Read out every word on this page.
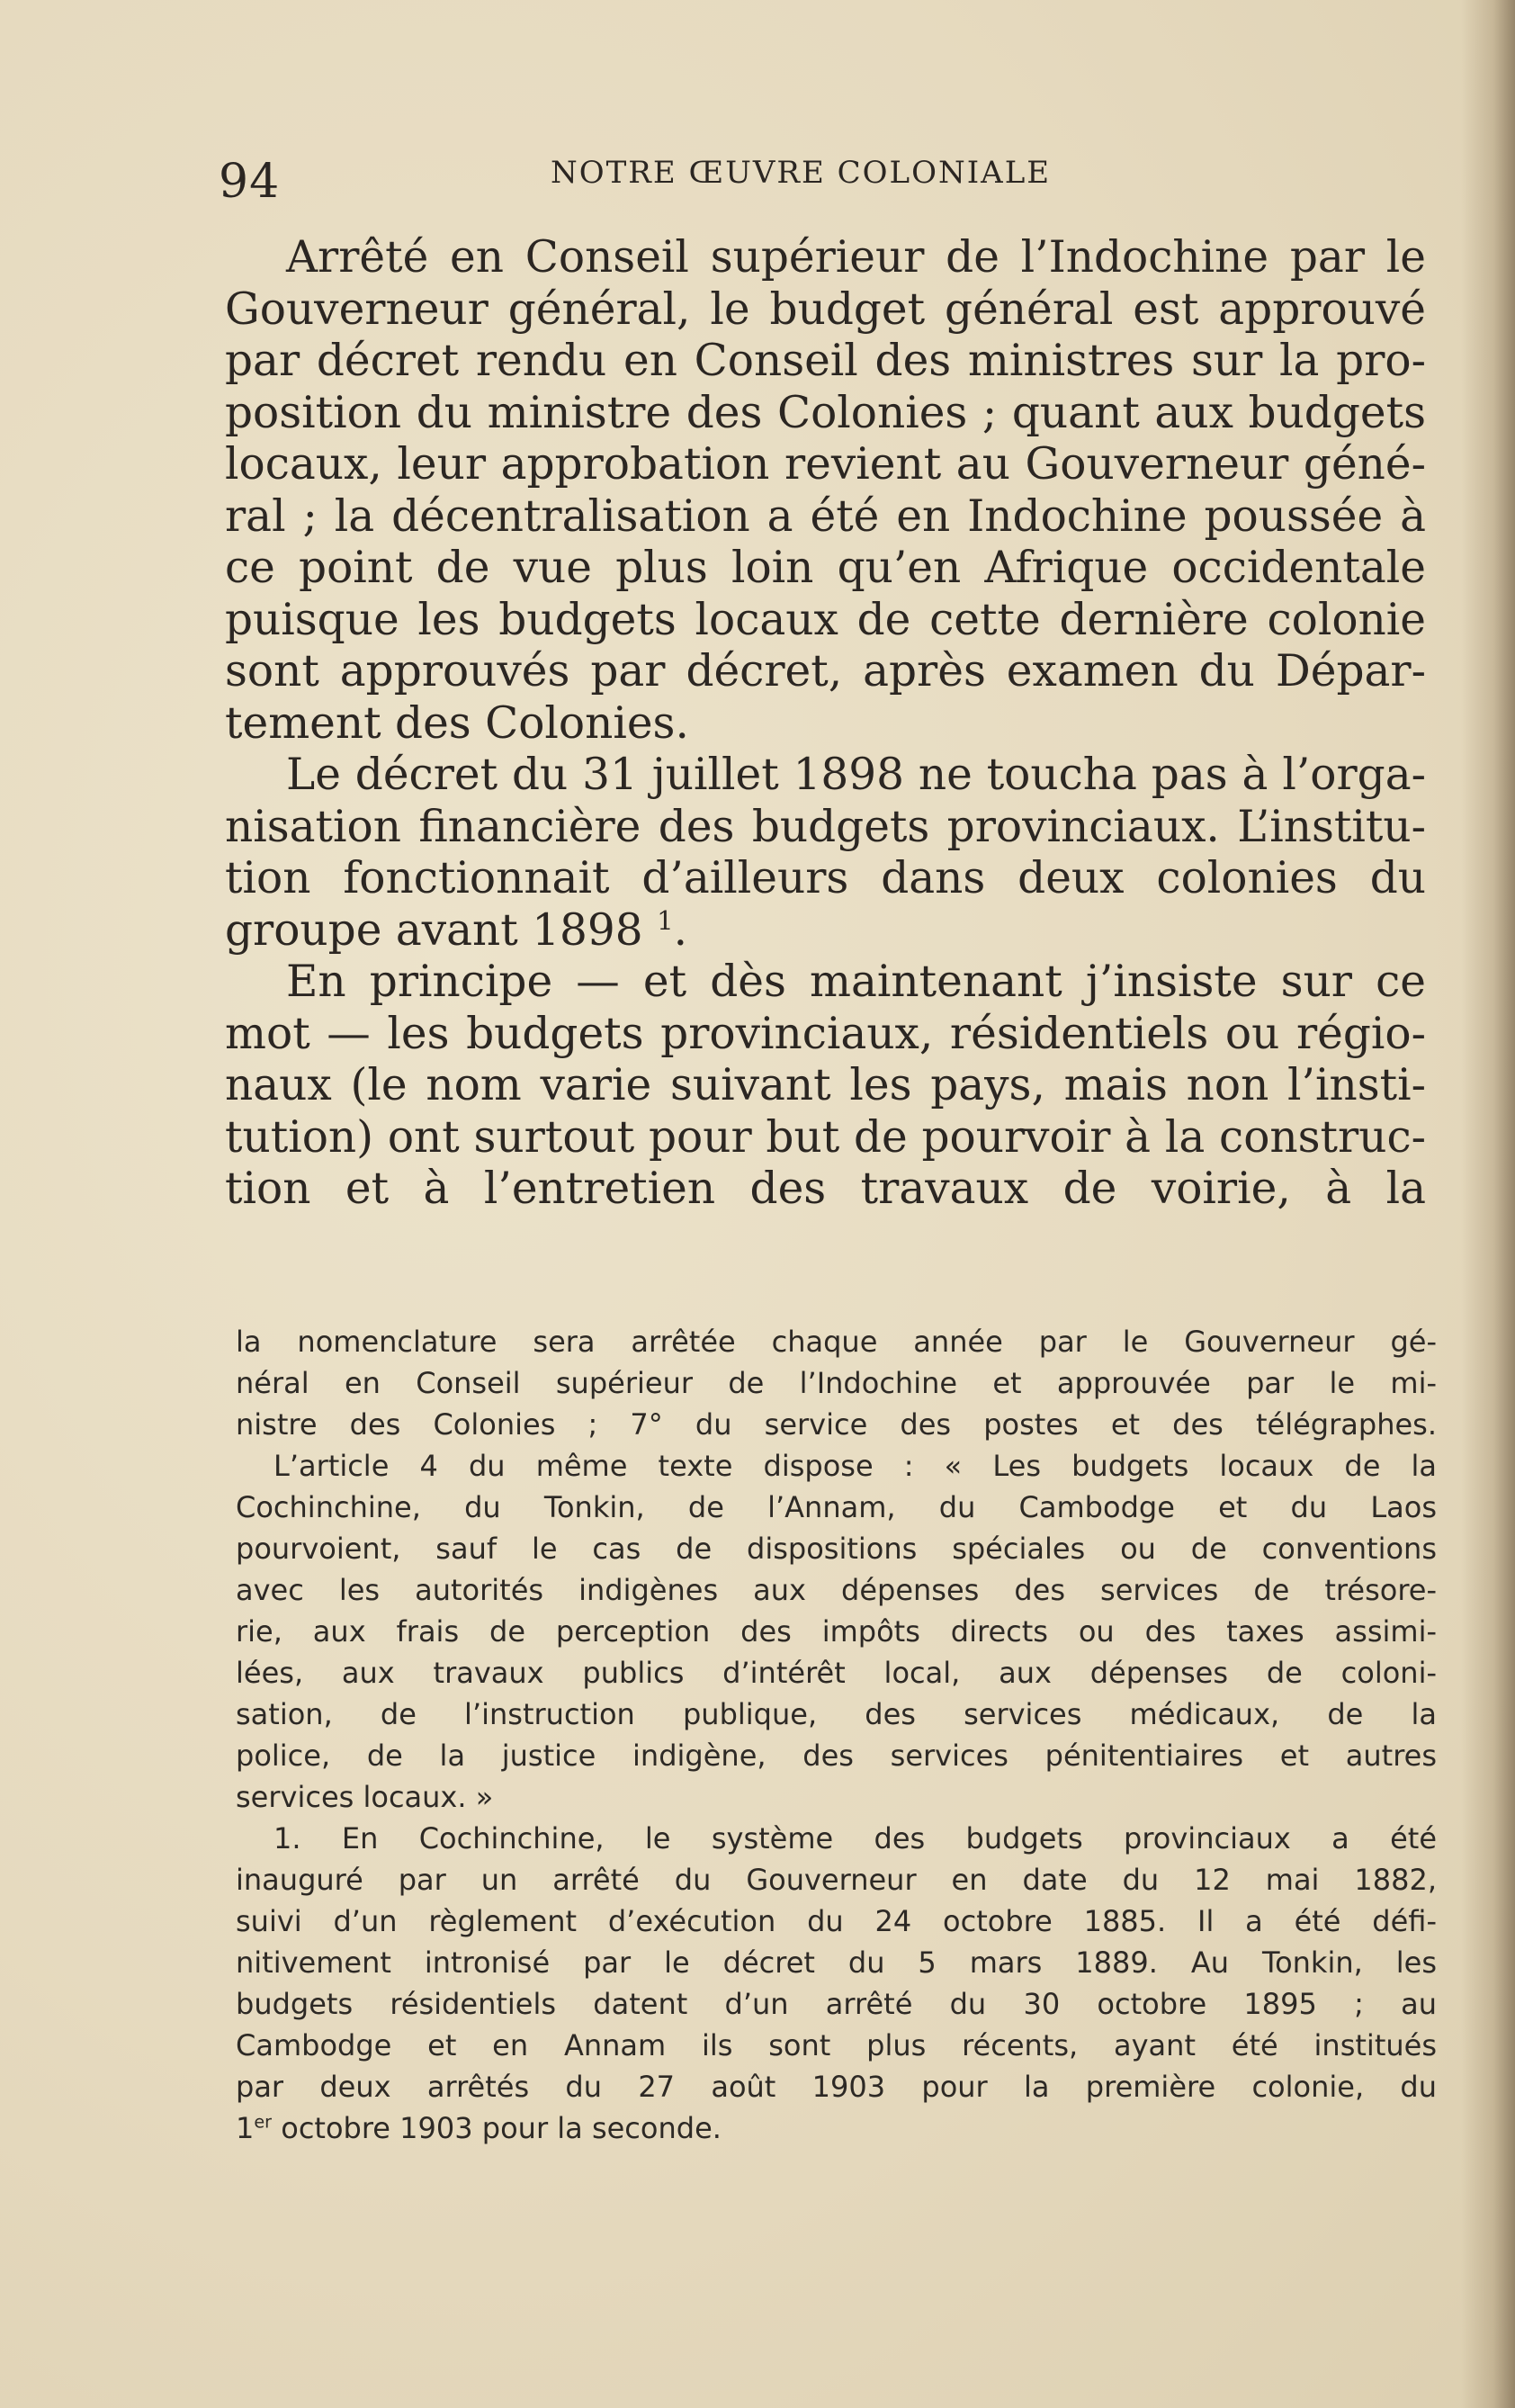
94	NOTRE ŒUVRE COLONIALE
Arrêté en Conseil supérieur de l’Indochine par le
Gouverneur général, le budget général est approuvé
par décret rendu en Conseil des ministres sur la pro-
position du ministre des Colonies ; quant aux budgets
locaux, leur approbation revient au Gouverneur géné-
ral ; la décentralisation a été en Indochine poussée à
ce point de vue plus loin qu’en Afrique occidentale
puisque les budgets locaux de cette dernière colonie
sont approuvés par décret, après examen du Dépar-
tement des Colonies.
Le décret du 31 juillet 1898 ne toucha pas à l’orga-
nisation financière des budgets provinciaux. L’institu-
tion fonctionnait d’ailleurs dans deux colonies du
groupe avant 1898 $^1$.
En principe — et dès maintenant j’insiste sur ce
mot — les budgets provinciaux, résidentiels ou régio-
naux (le nom varie suivant les pays, mais non l’insti-
tution) ont surtout pour but de pourvoir à la construc-
tion et à l’entretien des travaux de voirie, à la
la nomenclature sera arrêtée chaque année par le Gouverneur gé-
néral en Conseil supérieur de l’Indochine et approuvée par le mi-
nistre des Colonies ; 7° du service des postes et des télégraphes.
L’article 4 du même texte dispose : « Les budgets locaux de la
Cochinchine, du Tonkin, de l’Annam, du Cambodge et du Laos
pourvoient, sauf le cas de dispositions spéciales ou de conventions
avec les autorités indigènes aux dépenses des services de trésore-
rie, aux frais de perception des impôts directs ou des taxes assimi-
lées, aux travaux publics d’intérêt local, aux dépenses de coloni-
sation, de l’instruction publique, des services médicaux, de la
police, de la justice indigène, des services pénitentiaires et autres
services locaux. »
1. En Cochinchine, le système des budgets provinciaux a été
inauguré par un arrêté du Gouverneur en date du 12 mai 1882,
suivi d’un règlement d’exécution du 24 octobre 1885. Il a été défi-
nitivement intronisé par le décret du 5 mars 1889. Au Tonkin, les
budgets résidentiels datent d’un arrêté du 30 octobre 1895 ; au
Cambodge et en Annam ils sont plus récents, ayant été institués
par deux arrêtés du 27 août 1903 pour la première colonie, du
1er octobre 1903 pour la seconde.
